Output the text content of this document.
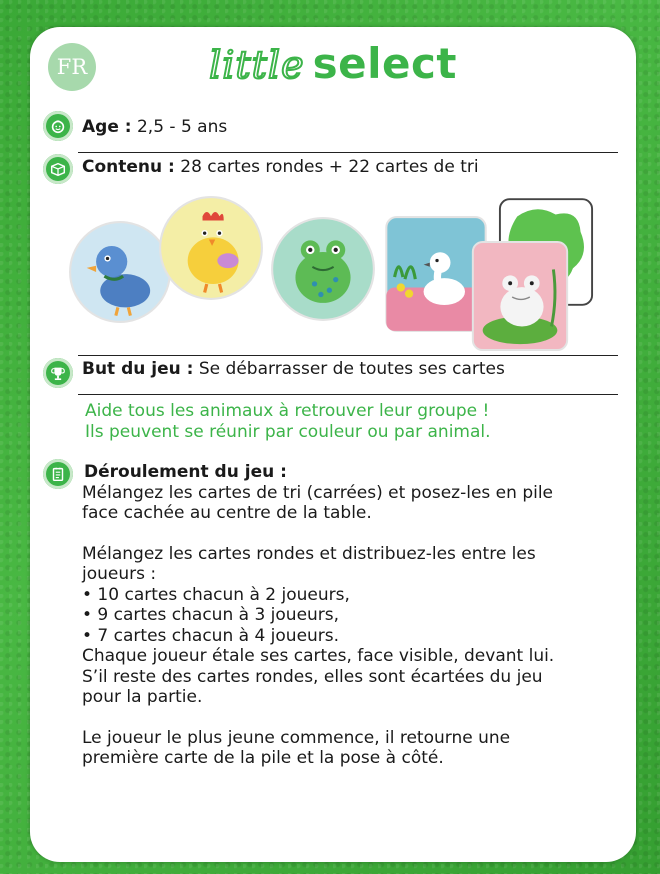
FR	little select
Age : 2,5 - 5 ans
Contenu : 28 cartes rondes + 22 cartes de tri
But du jeu : Se débarrasser de toutes ses cartes
Aide tous les animaux à retrouver leur groupe !
Ils peuvent se réunir par couleur ou par animal.
Déroulement du jeu :
Mélangez les cartes de tri (carrées) et posez-les en pile
face cachée au centre de la table.
Mélangez les cartes rondes et distribuez-les entre les
joueurs :
• 10 cartes chacun à 2 joueurs,
• 9 cartes chacun à 3 joueurs,
• 7 cartes chacun à 4 joueurs.
Chaque joueur étale ses cartes, face visible, devant lui.
S’il reste des cartes rondes, elles sont écartées du jeu
pour la partie.
Le joueur le plus jeune commence, il retourne une
première carte de la pile et la pose à côté.
